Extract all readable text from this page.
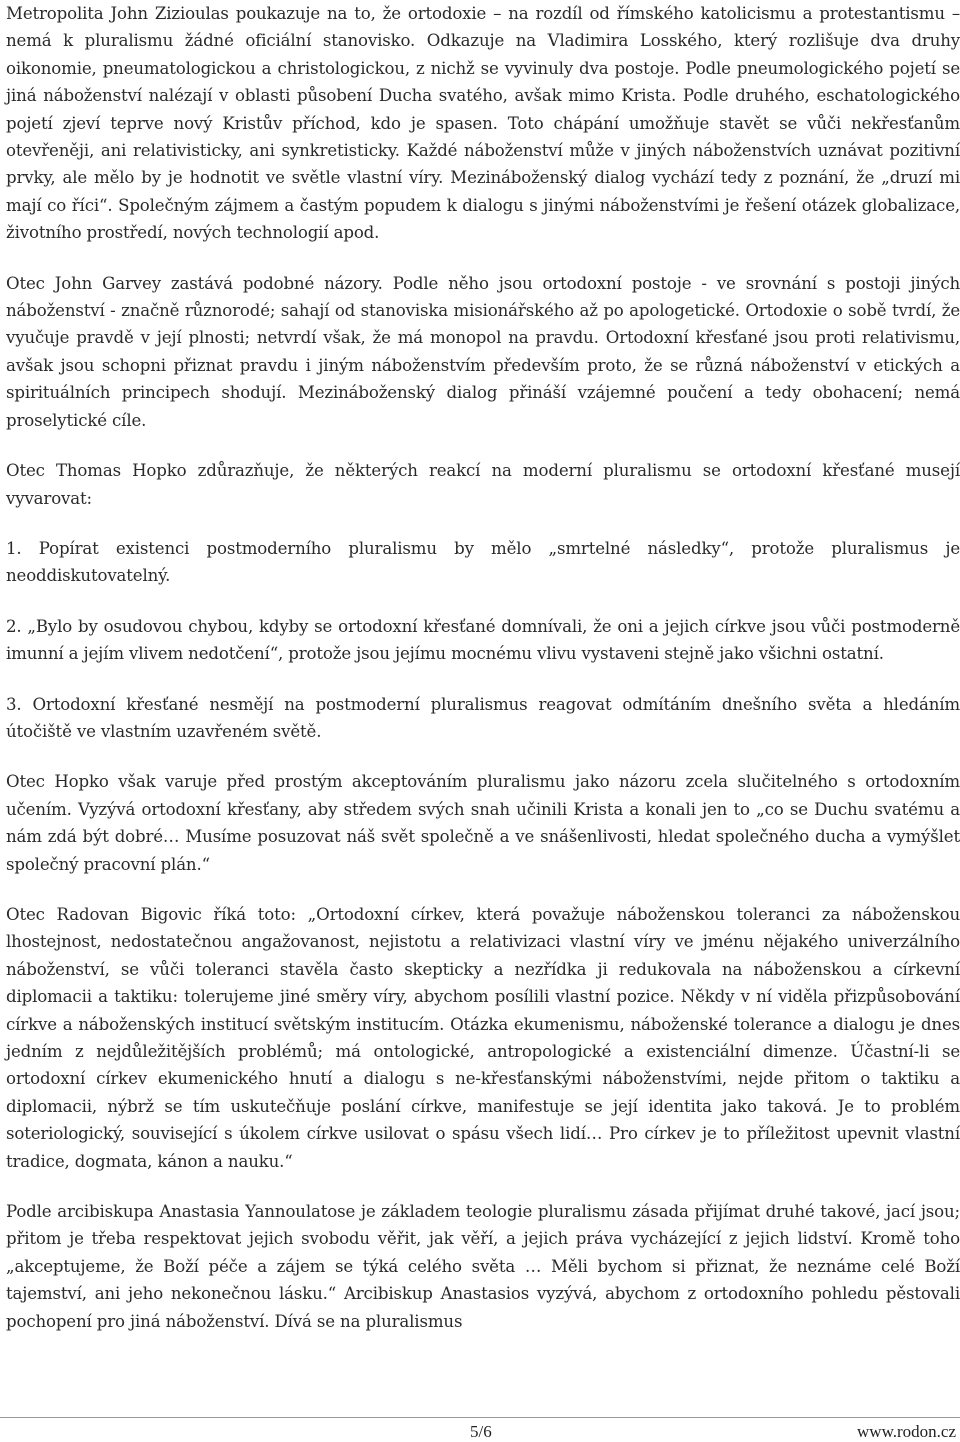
Metropolita John Zizioulas poukazuje na to, že ortodoxie – na rozdíl od římského katolicismu a protestantismu – nemá k pluralismu žádné oficiální stanovisko. Odkazuje na Vladimira Losského, který rozlišuje dva druhy oikonomie, pneumatologickou a christologickou, z nichž se vyvinuly dva postoje. Podle pneumologického pojetí se jiná náboženství nalézají v oblasti působení Ducha svatého, avšak mimo Krista. Podle druhého, eschatologického pojetí zjeví teprve nový Kristův příchod, kdo je spasen. Toto chápání umožňuje stavět se vůči nekřesťanům otevřeněji, ani relativisticky, ani synkretisticky. Každé náboženství může v jiných náboženstvích uznávat pozitivní prvky, ale mělo by je hodnotit ve světle vlastní víry. Mezináboženský dialog vychází tedy z poznání, že „druzí mi mají co říci“. Společným zájmem a častým popudem k dialogu s jinými náboženstvími je řešení otázek globalizace, životního prostředí, nových technologií apod.

Otec John Garvey zastává podobné názory. Podle něho jsou ortodoxní postoje - ve srovnání s postoji jiných náboženství - značně různorodé; sahají od stanoviska misionářského až po apologetické. Ortodoxie o sobě tvrdí, že vyučuje pravdě v její plnosti; netvrdí však, že má monopol na pravdu. Ortodoxní křesťané jsou proti relativismu, avšak jsou schopni přiznat pravdu i jiným náboženstvím především proto, že se různá náboženství v etických a spirituálních principech shodují. Mezináboženský dialog přináší vzájemné poučení a tedy obohacení; nemá proselytické cíle.

Otec Thomas Hopko zdůrazňuje, že některých reakcí na moderní pluralismu se ortodoxní křesťané musejí vyvarovat:

1. Popírat existenci postmoderního pluralismu by mělo „smrtelné následky“, protože pluralismus je neoddiskutovatelný.

2. „Bylo by osudovou chybou, kdyby se ortodoxní křesťané domnívali, že oni a jejich církve jsou vůči postmoderně imunní a jejím vlivem nedotčení“, protože jsou jejímu mocnému vlivu vystaveni stejně jako všichni ostatní.

3. Ortodoxní křesťané nesmějí na postmoderní pluralismus reagovat odmítáním dnešního světa a hledáním útočiště ve vlastním uzavřeném světě.

Otec Hopko však varuje před prostým akceptováním pluralismu jako názoru zcela slučitelného s ortodoxním učením. Vyzývá ortodoxní křesťany, aby středem svých snah učinili Krista a konali jen to „co se Duchu svatému a nám zdá být dobré… Musíme posuzovat náš svět společně a ve snášenlivosti, hledat společného ducha a vymýšlet společný pracovní plán.“

Otec Radovan Bigovic říká toto: „Ortodoxní církev, která považuje náboženskou toleranci za náboženskou lhostejnost, nedostatečnou angažovanost, nejistotu a relativizaci vlastní víry ve jménu nějakého univerzálního náboženství, se vůči toleranci stavěla často skepticky a nezřídka ji redukovala na náboženskou a církevní diplomacii a taktiku: tolerujeme jiné směry víry, abychom posílili vlastní pozice. Někdy v ní viděla přizpůsobování církve a náboženských institucí světským institucím. Otázka ekumenismu, náboženské tolerance a dialogu je dnes jedním z nejdůležitějších problémů; má ontologické, antropologické a existenciální dimenze. Účastní-li se ortodoxní církev ekumenického hnutí a dialogu s ne-křesťanskými náboženstvími, nejde přitom o taktiku a diplomacii, nýbrž se tím uskutečňuje poslání církve, manifestuje se její identita jako taková. Je to problém soteriologický, související s úkolem církve usilovat o spásu všech lidí… Pro církev je to příležitost upevnit vlastní tradice, dogmata, kánon a nauku.“

Podle arcibiskupa Anastasia Yannoulatose je základem teologie pluralismu zásada přijímat druhé takové, jací jsou; přitom je třeba respektovat jejich svobodu věřit, jak věří, a jejich práva vycházející z jejich lidství. Kromě toho „akceptujeme, že Boží péče a zájem se týká celého světa … Měli bychom si přiznat, že neznáme celé Boží tajemství, ani jeho nekonečnou lásku.“ Arcibiskup Anastasios vyzývá, abychom z ortodoxního pohledu pěstovali pochopení pro jiná náboženství. Dívá se na pluralismus

5/6	www.rodon.cz
